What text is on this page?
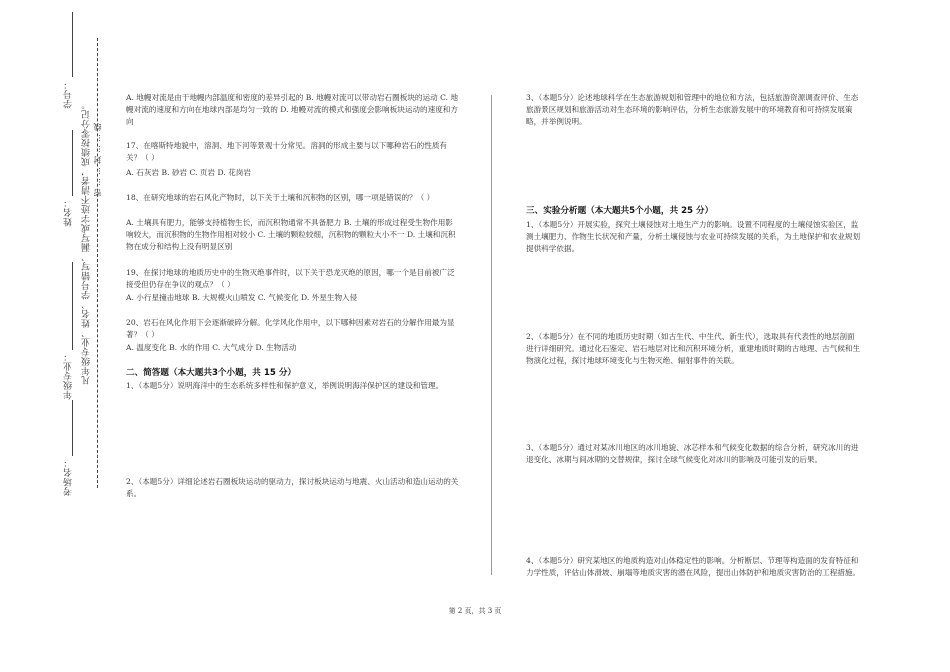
学号：
姓名：
年级专业：
考场名：
凡年级专业、姓名、学号错写、漏写或字迹不清者，成绩按零分记。 密……封……线

A. 地幔对流是由于地幔内部温度和密度的差异引起的 B. 地幔对流可以带动岩石圈板块的运动 C. 地幔对流的速度和方向在地球内部是均匀一致的 D. 地幔对流的模式和强度会影响板块运动的速度和方向

17、在喀斯特地貌中，溶洞、地下河等景观十分常见。溶洞的形成主要与以下哪种岩石的性质有关？（ ）

A. 石灰岩 B. 砂岩 C. 页岩 D. 花岗岩

18、在研究地球的岩石风化产物时，以下关于土壤和沉积物的区别，哪一项是错误的？（ ）

A. 土壤具有肥力，能够支持植物生长，而沉积物通常不具备肥力 B. 土壤的形成过程受生物作用影响较大，而沉积物的生物作用相对较小 C. 土壤的颗粒较细，沉积物的颗粒大小不一 D. 土壤和沉积物在成分和结构上没有明显区别

19、在探讨地球的地质历史中的生物灭绝事件时，以下关于恐龙灭绝的原因，哪一个是目前被广泛接受但仍存在争议的观点？（ ）

A. 小行星撞击地球 B. 大规模火山喷发 C. 气候变化 D. 外星生物入侵

20、岩石在风化作用下会逐渐破碎分解。化学风化作用中，以下哪种因素对岩石的分解作用最为显著？（ ）

A. 温度变化 B. 水的作用 C. 大气成分 D. 生物活动

二、简答题（本大题共3个小题，共 15 分）

1、（本题5分）说明海洋中的生态系统多样性和保护意义，举例说明海洋保护区的建设和管理。

2、（本题5分）详细论述岩石圈板块运动的驱动力，探讨板块运动与地震、火山活动和造山运动的关系。

3、（本题5分）论述地球科学在生态旅游规划和管理中的地位和方法，包括旅游资源调查评价、生态旅游景区规划和旅游活动对生态环境的影响评估，分析生态旅游发展中的环境教育和可持续发展策略，并举例说明。

三、实验分析题（本大题共5个小题，共 25 分）

1、（本题5分）开展实验，探究土壤侵蚀对土地生产力的影响。设置不同程度的土壤侵蚀实验区，监测土壤肥力、作物生长状况和产量，分析土壤侵蚀与农业可持续发展的关系，为土地保护和农业规划提供科学依据。

2、（本题5分）在不同的地质历史时期（如古生代、中生代、新生代），选取具有代表性的地层剖面进行详细研究。通过化石鉴定、岩石地层对比和沉积环境分析，重建地质时期的古地理、古气候和生物演化过程，探讨地球环境变化与生物灭绝、辐射事件的关联。

3、（本题5分）通过对某冰川地区的冰川地貌、冰芯样本和气候变化数据的综合分析，研究冰川的进退变化、冰期与间冰期的交替规律，探讨全球气候变化对冰川的影响及可能引发的后果。

4、（本题5分）研究某地区的地质构造对山体稳定性的影响。分析断层、节理等构造面的发育特征和力学性质，评估山体滑坡、崩塌等地质灾害的潜在风险，提出山体防护和地质灾害防治的工程措施。

第 2 页，共 3 页
